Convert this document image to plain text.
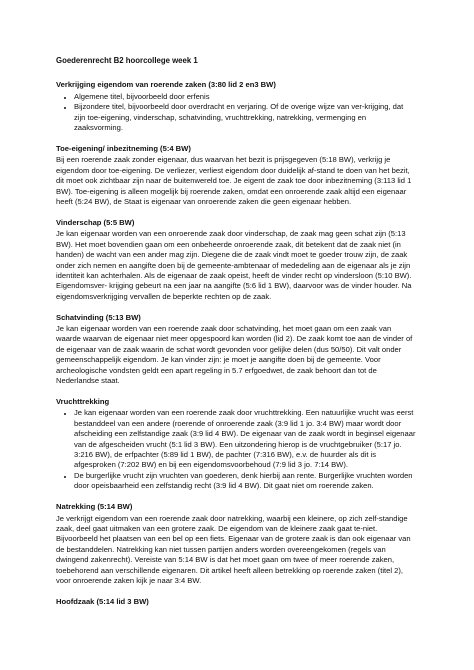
Goederenrecht B2 hoorcollege week 1
Verkrijging eigendom van roerende zaken (3:80 lid 2 en3 BW)
• Algemene titel, bijvoorbeeld door erfenis
• Bijzondere titel, bijvoorbeeld door overdracht en verjaring. Of de overige wijze van ver-krijging, dat zijn toe-eigening, vinderschap, schatvinding, vruchttrekking, natrekking, vermenging en zaaksvorming.
Toe-eigening/ inbezitneming (5:4 BW)

Bij een roerende zaak zonder eigenaar, dus waarvan het bezit is prijsgegeven (5:18 BW), verkrijg je eigendom door toe-eigening. De verliezer, verliest eigendom door duidelijk af-stand te doen van het bezit, dit moet ook zichtbaar zijn naar de buitenwereld toe. Je eigent de zaak toe door inbezitneming (3:113 lid 1 BW). Toe-eigening is alleen mogelijk bij roerende zaken, omdat een onroerende zaak altijd een eigenaar heeft (5:24 BW), de Staat is eigenaar van onroerende zaken die geen eigenaar hebben.

Vinderschap (5:5 BW)

Je kan eigenaar worden van een onroerende zaak door vinderschap, de zaak mag geen schat zijn (5:13 BW). Het moet bovendien gaan om een onbeheerde onroerende zaak, dit betekent dat de zaak niet (in handen) de wacht van een ander mag zijn. Diegene die de zaak vindt moet te goeder trouw zijn, de zaak onder zich nemen en aangifte doen bij de gemeente-ambtenaar of mededeling aan de eigenaar als je zijn identiteit kan achterhalen. Als de eigenaar de zaak opeist, heeft de vinder recht op vindersloon (5:10 BW). Eigendomsver- krijging gebeurt na een jaar na aangifte (5:6 lid 1 BW), daarvoor was de vinder houder. Na eigendomsverkrijging vervallen de beperkte rechten op de zaak.

Schatvinding (5:13 BW)

Je kan eigenaar worden van een roerende zaak door schatvinding, het moet gaan om een zaak van waarde waarvan de eigenaar niet meer opgespoord kan worden (lid 2). De zaak komt toe aan de vinder of de eigenaar van de zaak waarin de schat wordt gevonden voor gelijke delen (dus 50/50). Dit valt onder gemeenschappelijk eigendom. Je kan vinder zijn: je moet je aangifte doen bij de gemeente. Voor archeologische vondsten geldt een apart regeling in 5.7 erfgoedwet, de zaak behoort dan tot de Nederlandse staat.

Vruchttrekking
• Je kan eigenaar worden van een roerende zaak door vruchttrekking. Een natuurlijke vrucht was eerst bestanddeel van een andere (roerende of onroerende zaak (3:9 lid 1 jo. 3:4 BW) maar wordt door afscheiding een zelfstandige zaak (3:9 lid 4 BW). De eigenaar van de zaak wordt in beginsel eigenaar van de afgescheiden vrucht (5:1 lid 3 BW). Een uitzondering hierop is de vruchtgebruiker (5:17 jo. 3:216 BW), de erfpachter (5:89 lid 1 BW), de pachter (7:316 BW), e.v. de huurder als dit is afgesproken (7:202 BW) en bij een eigendomsvoorbehoud (7:9 lid 3 jo. 7:14 BW).
• De burgerlijke vrucht zijn vruchten van goederen, denk hierbij aan rente. Burgerlijke vruchten worden door opeisbaarheid een zelfstandig recht (3:9 lid 4 BW). Dit gaat niet om roerende zaken.
Natrekking (5:14 BW)

Je verkrijgt eigendom van een roerende zaak door natrekking, waarbij een kleinere, op zich zelf-standige zaak, deel gaat uitmaken van een grotere zaak. De eigendom van de kleinere zaak gaat te-niet. Bijvoorbeeld het plaatsen van een bel op een fiets. Eigenaar van de grotere zaak is dan ook eigenaar van de bestanddelen. Natrekking kan niet tussen partijen anders worden overeengekomen (regels van dwingend zakenrecht). Vereiste van 5:14 BW is dat het moet gaan om twee of meer roerende zaken, toebehorend aan verschillende eigenaren. Dit artikel heeft alleen betrekking op roerende zaken (titel 2), voor onroerende zaken kijk je naar 3:4 BW.

Hoofdzaak (5:14 lid 3 BW)
